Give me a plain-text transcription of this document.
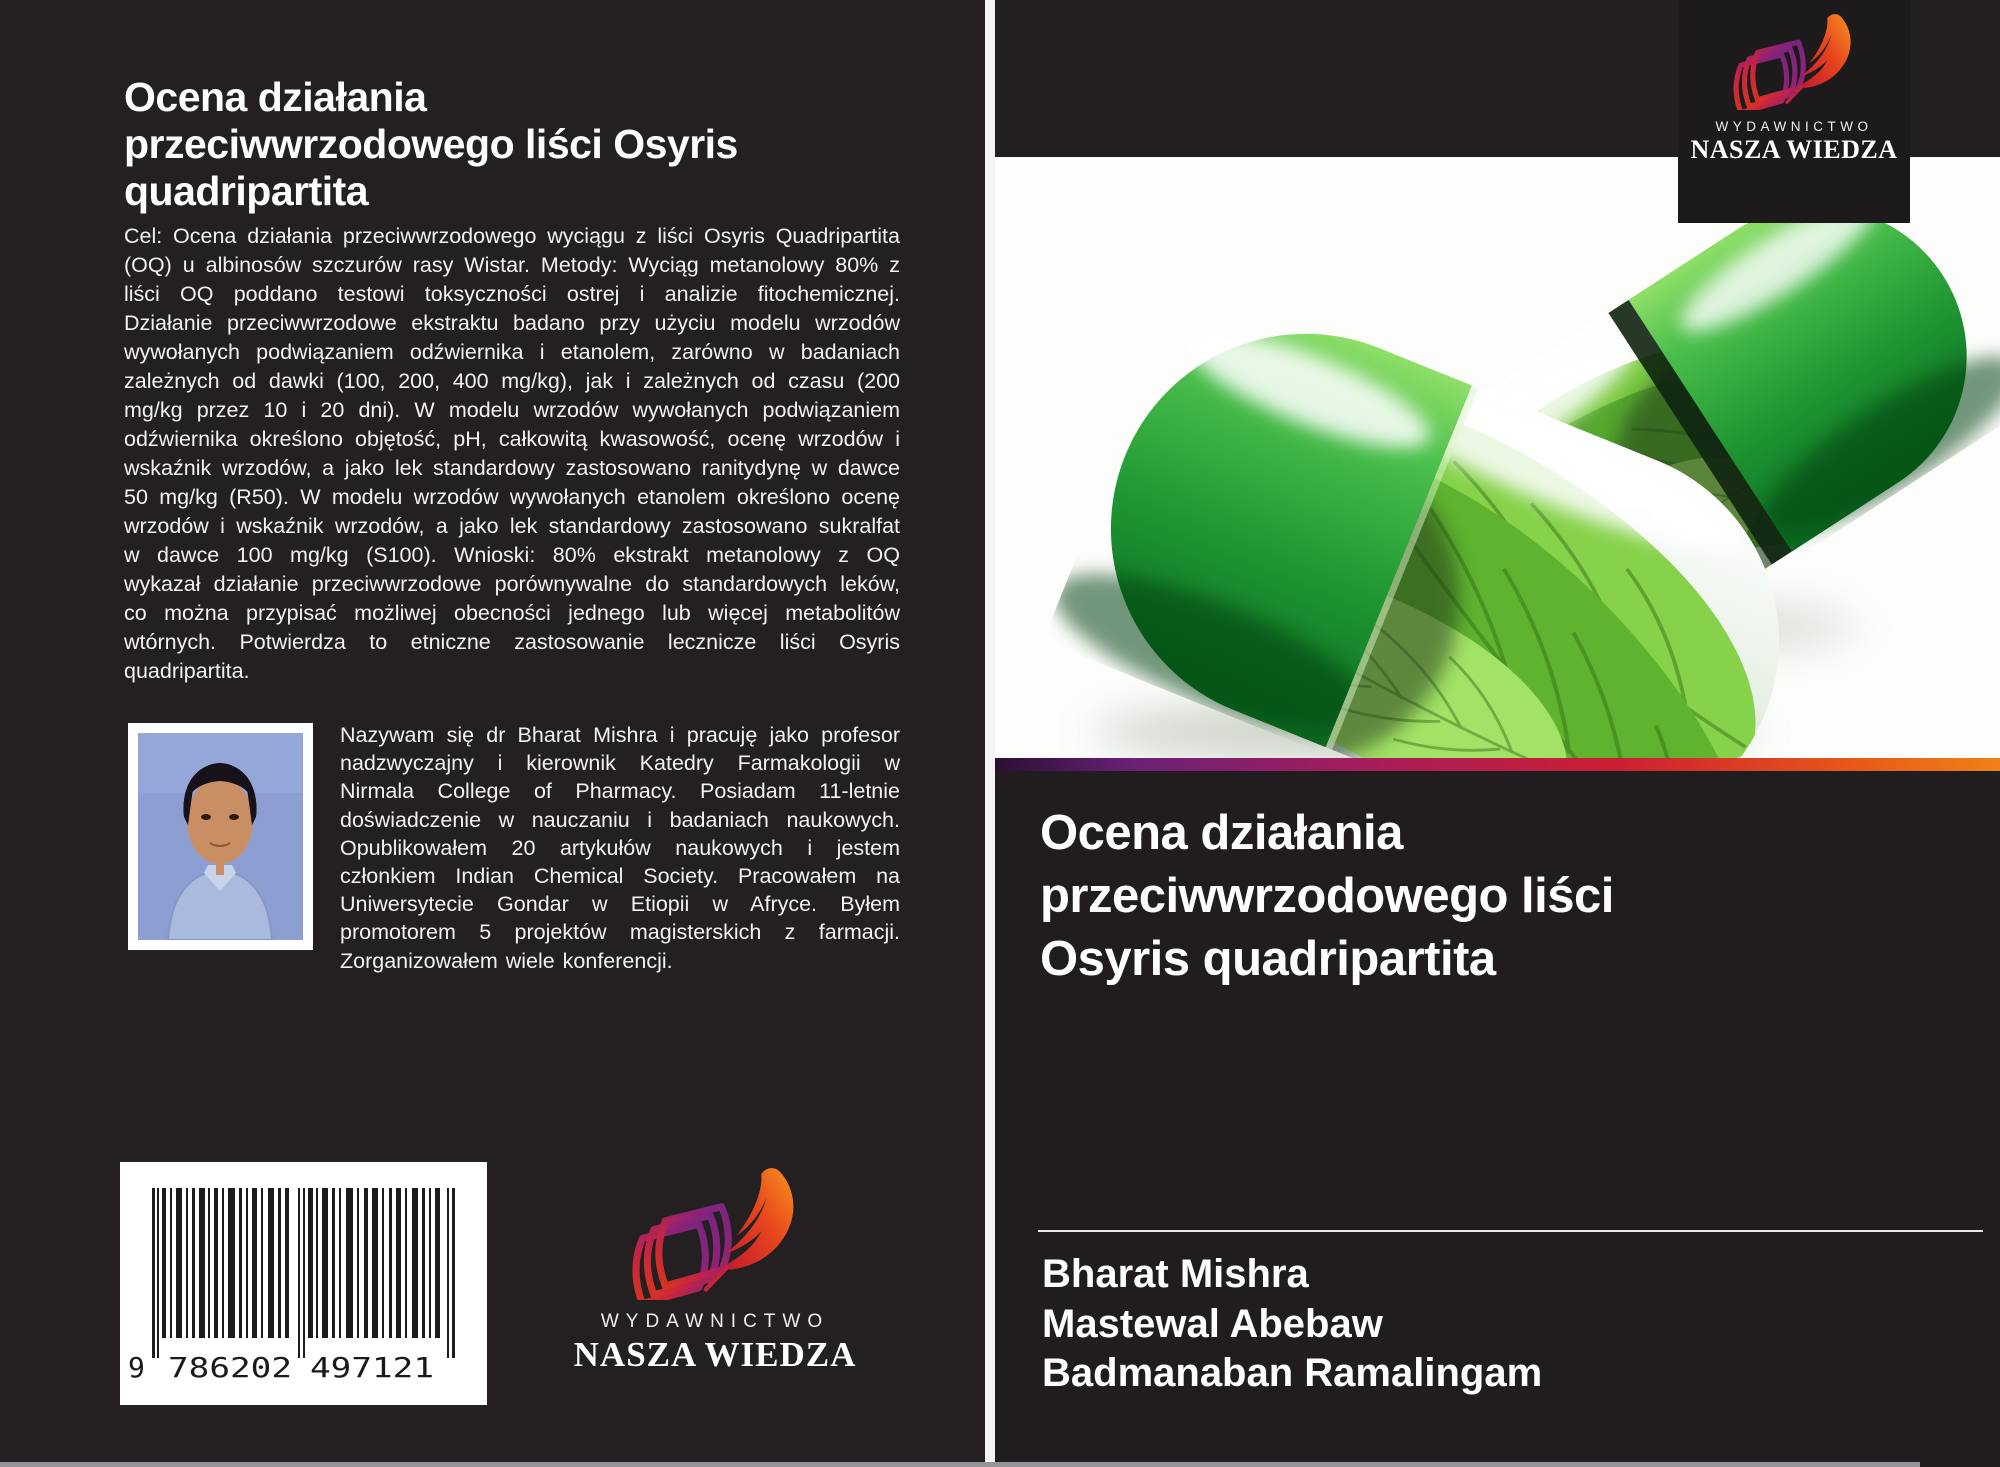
Ocena działania
przeciwwrzodowego liści Osyris
quadripartita
Cel: Ocena działania przeciwwrzodowego wyciągu z liści Osyris Quadripartita (OQ) u albinosów szczurów rasy Wistar. Metody: Wyciąg metanolowy 80% z liści OQ poddano testowi toksyczności ostrej i analizie fitochemicznej. Działanie przeciwwrzodowe ekstraktu badano przy użyciu modelu wrzodów wywołanych podwiązaniem odźwiernika i etanolem, zarówno w badaniach zależnych od dawki (100, 200, 400 mg/kg), jak i zależnych od czasu (200 mg/kg przez 10 i 20 dni). W modelu wrzodów wywołanych podwiązaniem odźwiernika określono objętość, pH, całkowitą kwasowość, ocenę wrzodów i wskaźnik wrzodów, a jako lek standardowy zastosowano ranitydynę w dawce 50 mg/kg (R50). W modelu wrzodów wywołanych etanolem określono ocenę wrzodów i wskaźnik wrzodów, a jako lek standardowy zastosowano sukralfat w dawce 100 mg/kg (S100). Wnioski: 80% ekstrakt metanolowy z OQ wykazał działanie przeciwwrzodowe porównywalne do standardowych leków, co można przypisać możliwej obecności jednego lub więcej metabolitów wtórnych. Potwierdza to etniczne zastosowanie lecznicze liści Osyris quadripartita.
Nazywam się dr Bharat Mishra i pracuję jako profesor nadzwyczajny i kierownik Katedry Farmakologii w Nirmala College of Pharmacy. Posiadam 11-letnie doświadczenie w nauczaniu i badaniach naukowych. Opublikowałem 20 artykułów naukowych i jestem członkiem Indian Chemical Society. Pracowałem na Uniwersytecie Gondar w Etiopii w Afryce. Byłem promotorem 5 projektów magisterskich z farmacji. Zorganizowałem wiele konferencji.
9 786202 497121
WYDAWNICTWO
NASZA WIEDZA
WYDAWNICTWO
NASZA WIEDZA
Ocena działania
przeciwwrzodowego liści
Osyris quadripartita
Bharat Mishra
Mastewal Abebaw
Badmanaban Ramalingam
